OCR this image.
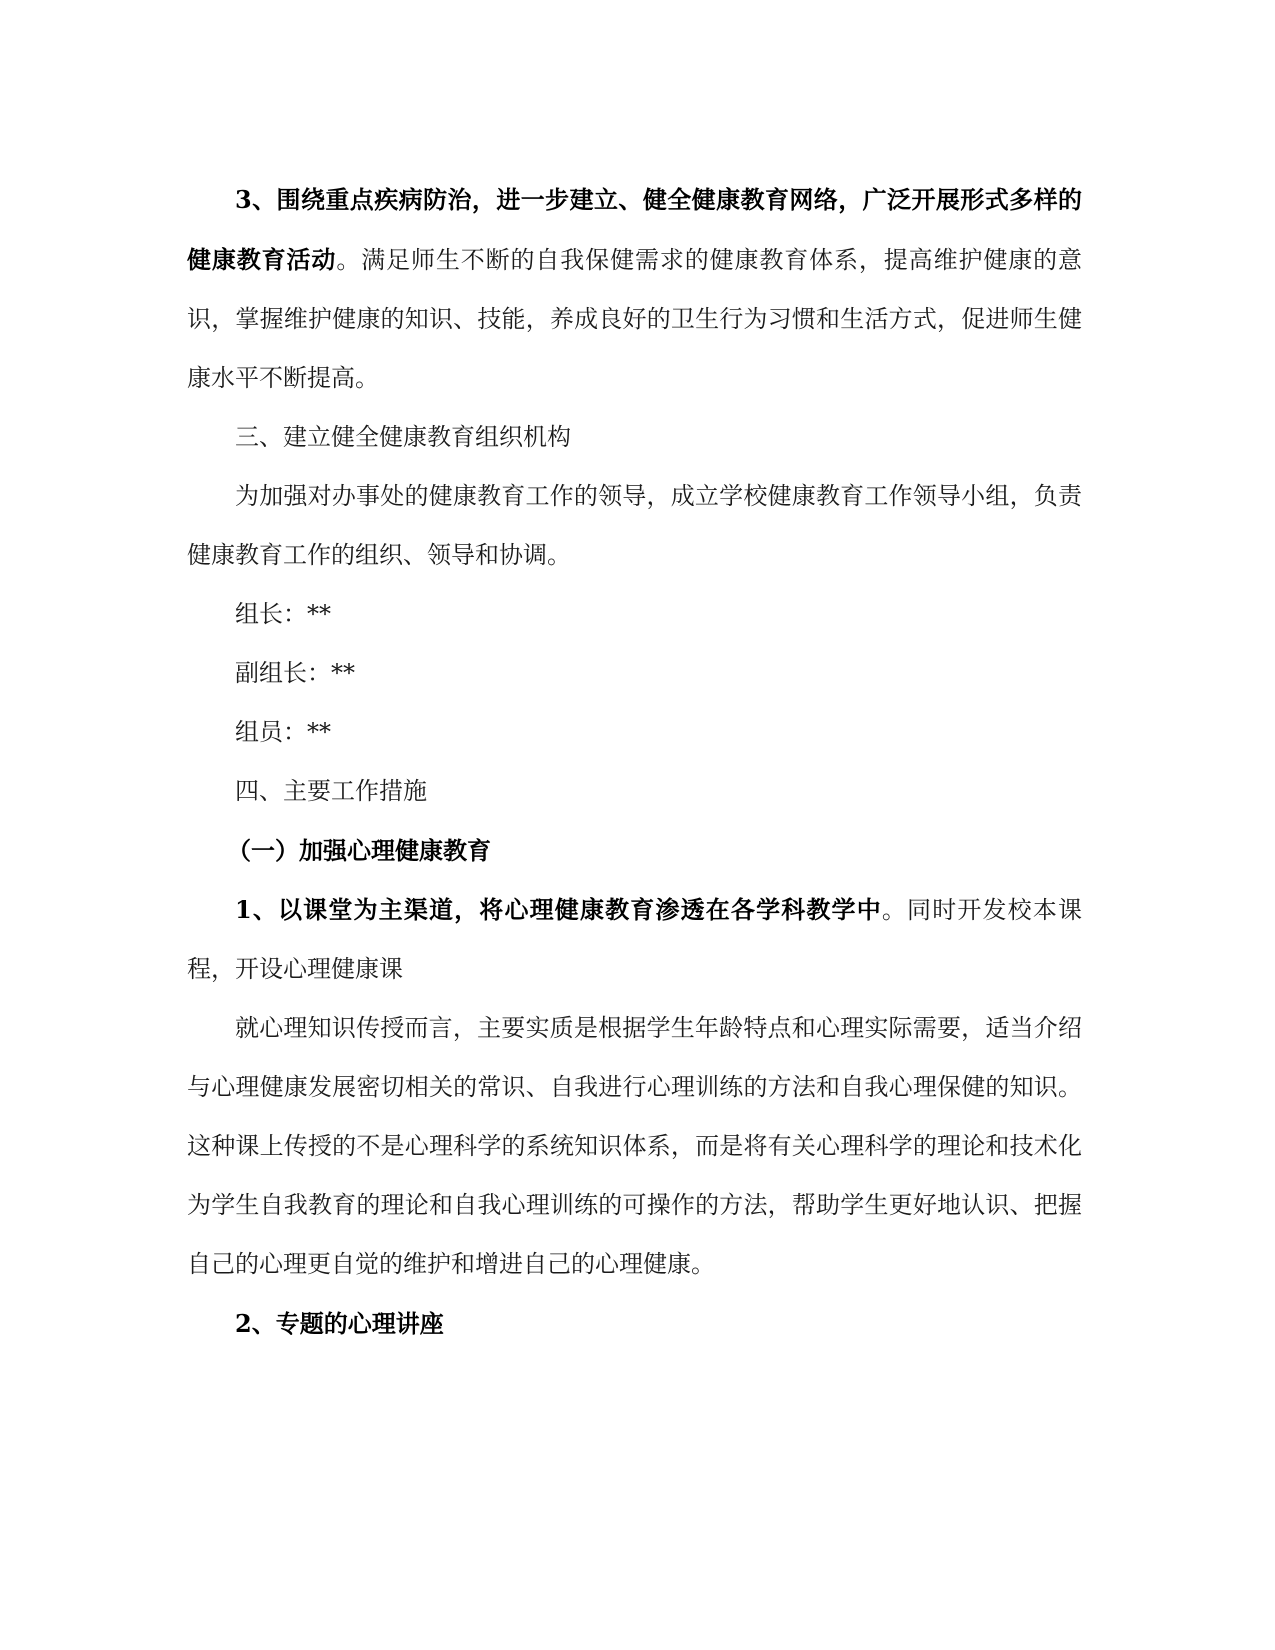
3、围绕重点疾病防治，进一步建立、健全健康教育网络，广泛开展形式多样的健康教育活动。满足师生不断的自我保健需求的健康教育体系，提高维护健康的意识，掌握维护健康的知识、技能，养成良好的卫生行为习惯和生活方式，促进师生健康水平不断提高。

三、建立健全健康教育组织机构

为加强对办事处的健康教育工作的领导，成立学校健康教育工作领导小组，负责健康教育工作的组织、领导和协调。

组长：**

副组长：**

组员：**

四、主要工作措施

（一）加强心理健康教育

1、以课堂为主渠道，将心理健康教育渗透在各学科教学中。同时开发校本课程，开设心理健康课

就心理知识传授而言，主要实质是根据学生年龄特点和心理实际需要，适当介绍与心理健康发展密切相关的常识、自我进行心理训练的方法和自我心理保健的知识。这种课上传授的不是心理科学的系统知识体系，而是将有关心理科学的理论和技术化为学生自我教育的理论和自我心理训练的可操作的方法，帮助学生更好地认识、把握自己的心理更自觉的维护和增进自己的心理健康。

2、专题的心理讲座
